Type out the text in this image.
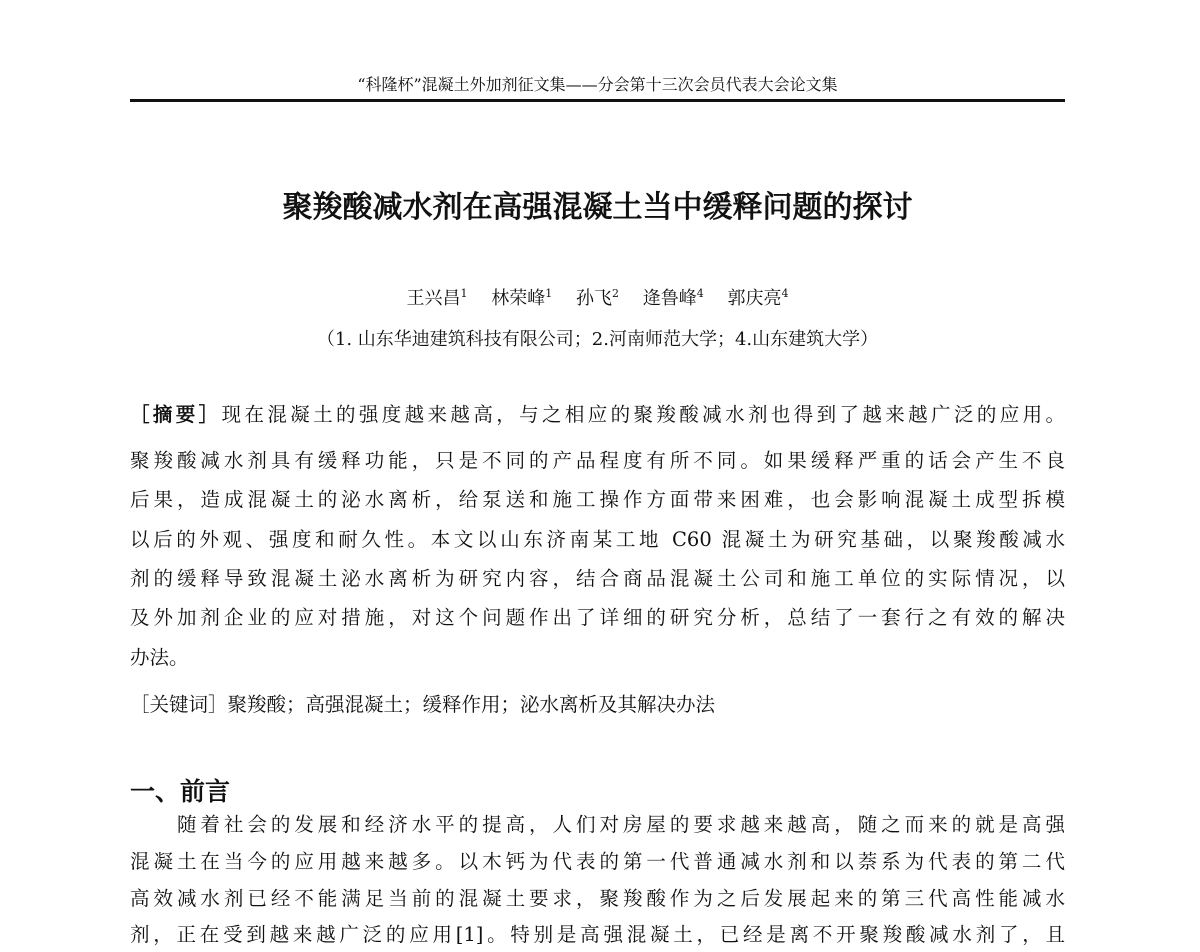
“科隆杯”混凝土外加剂征文集——分会第十三次会员代表大会论文集
聚羧酸减水剂在高强混凝土当中缓释问题的探讨
王兴昌$^1$ 林荣峰$^1$ 孙飞$^2$ 逄鲁峰$^4$ 郭庆亮$^4$
（1. 山东华迪建筑科技有限公司；2.河南师范大学；4.山东建筑大学）
［摘要］现在混凝土的强度越来越高，与之相应的聚羧酸减水剂也得到了越来越广泛的应用。
聚羧酸减水剂具有缓释功能，只是不同的产品程度有所不同。如果缓释严重的话会产生不良
后果，造成混凝土的泌水离析，给泵送和施工操作方面带来困难，也会影响混凝土成型拆模
以后的外观、强度和耐久性。本文以山东济南某工地 C60 混凝土为研究基础，以聚羧酸减水
剂的缓释导致混凝土泌水离析为研究内容，结合商品混凝土公司和施工单位的实际情况，以
及外加剂企业的应对措施，对这个问题作出了详细的研究分析，总结了一套行之有效的解决
办法。
［关键词］聚羧酸；高强混凝土；缓释作用；泌水离析及其解决办法
一、前言
　　随着社会的发展和经济水平的提高，人们对房屋的要求越来越高，随之而来的就是高强
混凝土在当今的应用越来越多。以木钙为代表的第一代普通减水剂和以萘系为代表的第二代
高效减水剂已经不能满足当前的混凝土要求，聚羧酸作为之后发展起来的第三代高性能减水
剂，正在受到越来越广泛的应用[1]。特别是高强混凝土，已经是离不开聚羧酸减水剂了，且
